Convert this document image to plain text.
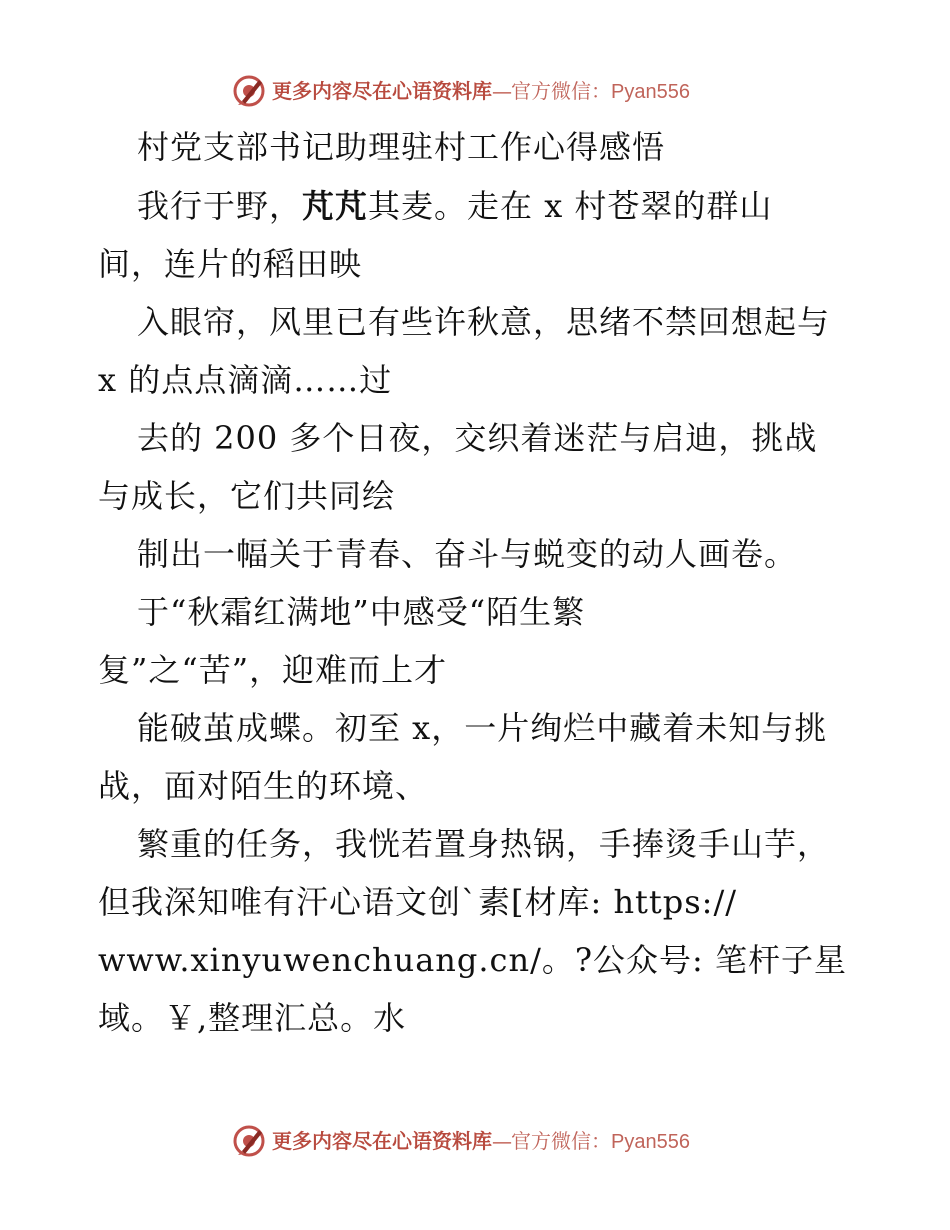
更多内容尽在心语资料库—官方微信：Pyan556
村党支部书记助理驻村工作心得感悟
我行于野，芃芃其麦。走在 x 村苍翠的群山
间，连片的稻田映
入眼帘，风里已有些许秋意，思绪不禁回想起与
x 的点点滴滴……过
去的 200 多个日夜，交织着迷茫与启迪，挑战
与成长，它们共同绘
制出一幅关于青春、奋斗与蜕变的动人画卷。
于“秋霜红满地”中感受“陌生繁
复”之“苦”，迎难而上才
能破茧成蝶。初至 x，一片绚烂中藏着未知与挑
战，面对陌生的环境、
繁重的任务，我恍若置身热锅，手捧烫手山芋，
但我深知唯有汗心语文创`素[材库: https://
www.xinyuwenchuang.cn/。?公众号: 笔杆子星
域。￥,整理汇总。水
更多内容尽在心语资料库—官方微信：Pyan556
